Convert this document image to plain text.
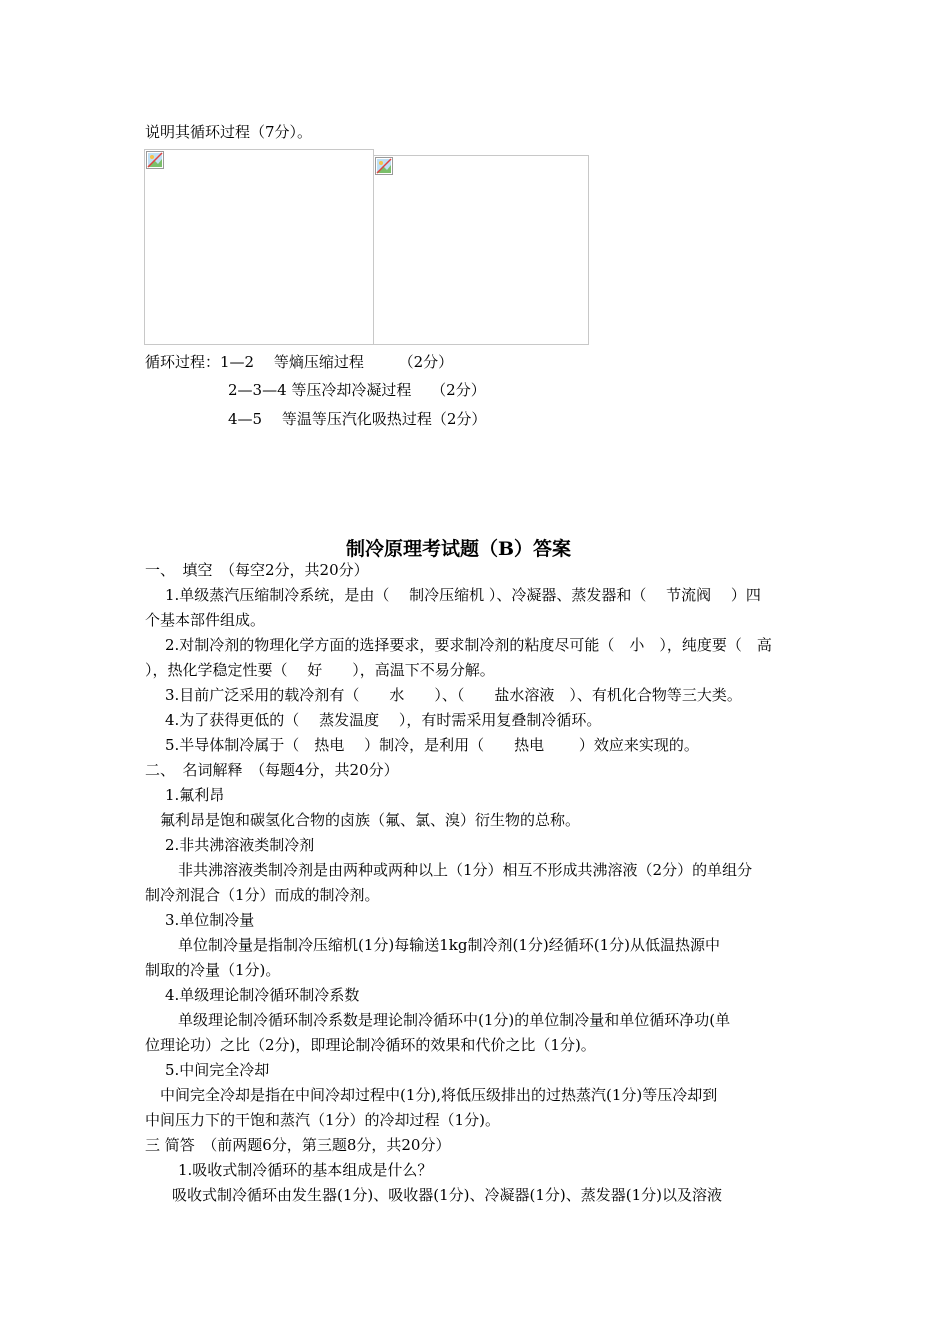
说明其循环过程（7分）。
循环过程：1—2　 等熵压缩过程　　 （2分）
2—3—4 等压冷却冷凝过程　 （2分）
4—5　 等温等压汽化吸热过程（2分）
制冷原理考试题（B）答案
一、　填空　（每空2分，共20分）
1.单级蒸汽压缩制冷系统，是由（　 制冷压缩机 ）、冷凝器、蒸发器和（　 节流阀　 ）四
个基本部件组成。
2.对制冷剂的物理化学方面的选择要求，要求制冷剂的粘度尽可能（　小　），纯度要（　高
），热化学稳定性要（　 好　　），高温下不易分解。
3.目前广泛采用的载冷剂有（　　水　　）、（　　盐水溶液　）、有机化合物等三大类。
4.为了获得更低的（　 蒸发温度　 ），有时需采用复叠制冷循环。
5.半导体制冷属于（　热电　 ）制冷，是利用（　　热电　　 ）效应来实现的。
二、　名词解释　（每题4分，共20分）
1.氟利昂
氟利昂是饱和碳氢化合物的卤族（氟、氯、溴）衍生物的总称。
2.非共沸溶液类制冷剂
非共沸溶液类制冷剂是由两种或两种以上（1分）相互不形成共沸溶液（2分）的单组分
制冷剂混合（1分）而成的制冷剂。
3.单位制冷量
单位制冷量是指制冷压缩机(1分)每输送1kg制冷剂(1分)经循环(1分)从低温热源中
制取的冷量（1分)。
4.单级理论制冷循环制冷系数
单级理论制冷循环制冷系数是理论制冷循环中(1分)的单位制冷量和单位循环净功(单
位理论功）之比（2分)，即理论制冷循环的效果和代价之比（1分)。
5.中间完全冷却
中间完全冷却是指在中间冷却过程中(1分),将低压级排出的过热蒸汽(1分)等压冷却到
中间压力下的干饱和蒸汽（1分）的冷却过程（1分)。
三 简答　（前两题6分，第三题8分，共20分）
1.吸收式制冷循环的基本组成是什么？
吸收式制冷循环由发生器(1分)、吸收器(1分)、冷凝器(1分)、蒸发器(1分)以及溶液
